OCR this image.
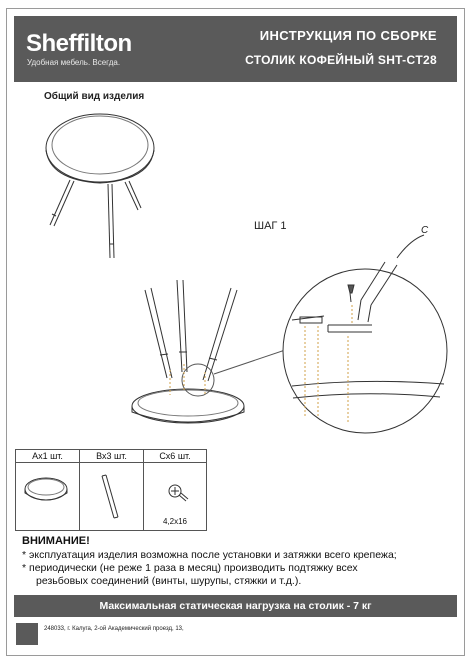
Sheffilton
Удобная мебель. Всегда.
ИНСТРУКЦИЯ ПО СБОРКЕ
СТОЛИК КОФЕЙНЫЙ SHT-CT28
Общий вид изделия
ШАГ 1	C
Ах1 шт.	Вх3 шт.	Сх6 шт.
4,2х16
ВНИМАНИЕ!
* эксплуатация изделия возможна после установки и затяжки всего крепежа;
* периодически (не реже 1 раза в месяц) производить подтяжку всех
резьбовых соединений (винты, шурупы, стяжки и т.д.).
Максимальная статическая нагрузка на столик - 7 кг
248033, г. Калуга, 2-ой Академический проезд, 13,
